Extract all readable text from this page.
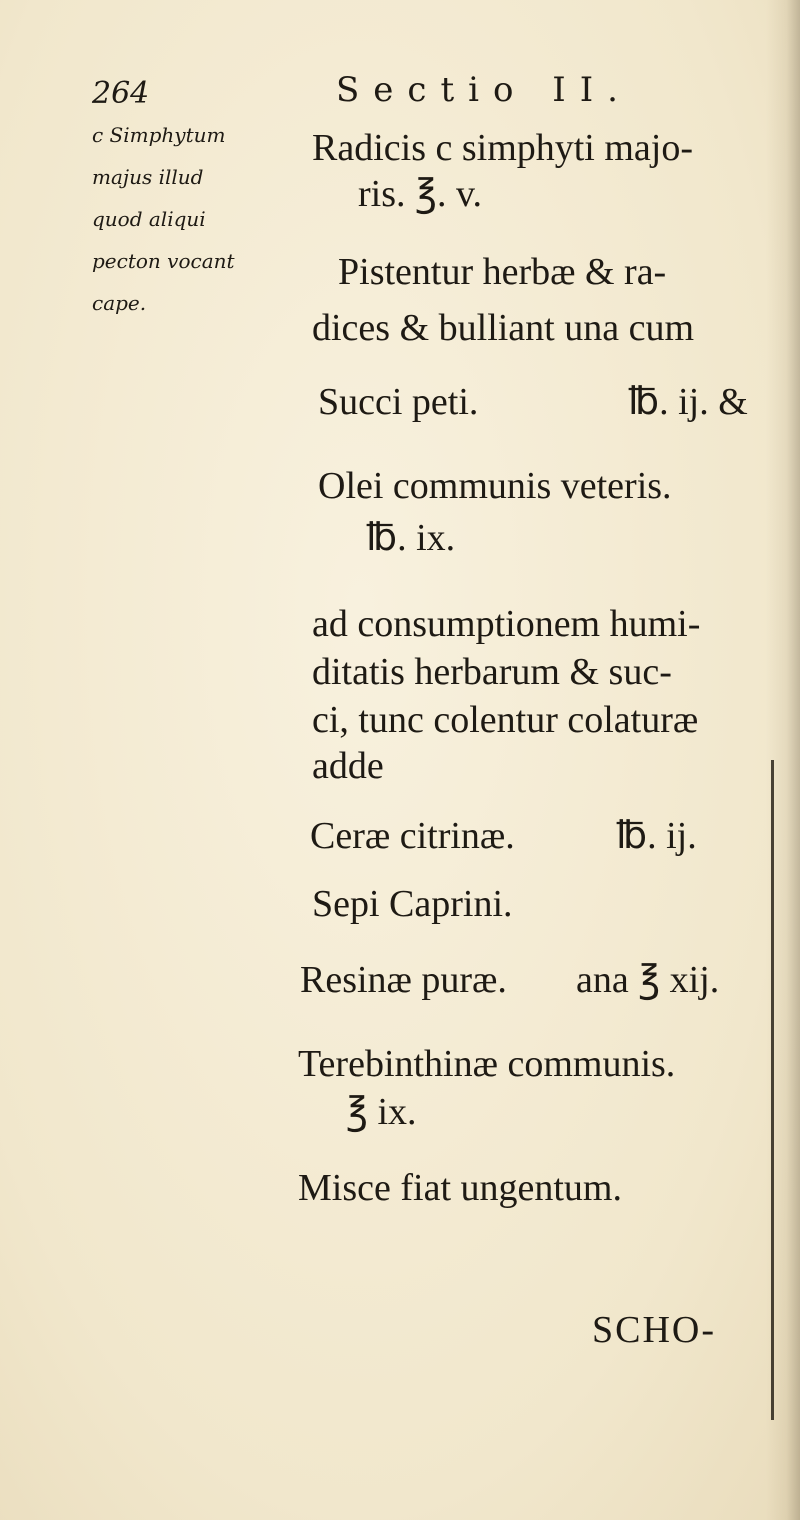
264	Sectio II.
c Simphytum
majus illud
quod aliqui
pecton vocant
cape.
Radicis c simphyti majo-
ris. ℥. v.
Pistentur herbæ & ra-
dices & bulliant una cum
Succi peti.	℔. ij. &
Olei communis veteris.
℔. ix.
ad consumptionem humi-
ditatis herbarum & suc-
ci, tunc colentur colaturæ
adde
Ceræ citrinæ.	℔. ij.
Sepi Caprini.
Resinæ puræ. ana ℥ xij.
Terebinthinæ communis.
℥ ix.
Misce fiat ungentum.
SCHO-
